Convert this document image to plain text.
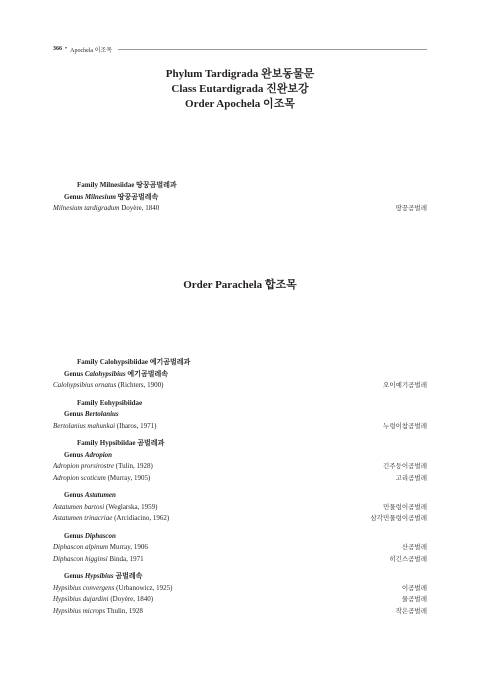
366 • Apochela 이조목
Phylum Tardigrada 완보동물문
Class Eutardigrada 진완보강
Order Apochela 이조목
Family Milnesiidae 땅꿍곰벌레과
Genus Milnesium 땅꿍곰벌레속
Milnesium tardigradum Doyère, 1840	땅꿍곰벌레
Order Parachela 합조목
Family Calohypsibiidae 예기곰벌레과
Genus Calohypsibius 예기곰벌레속
Calohypsibius ornatus (Richters, 1900)	오이예기곰벌레
Family Eohypsibiidae
Genus Bertolanius
Bertolanius mahunkai (Iharos, 1971)	누렁이참곰벌레
Family Hypsibiidae 곰벌레과
Genus Adropion
Adropion prorsirostre (Tulin, 1928)	긴주둥이곰벌레
Adropion scoticum (Murray, 1905)	고리곰벌레
Genus Astatumen
Astatumen bartosi (Weglarska, 1959)	민물렁이곰벌레
Astatumen trinacriae (Arcidiacino, 1962)	삼각민물렁이곰벌레
Genus Diphascon
Diphascon alpinum Murray, 1906	산곰벌레
Diphascon higginsi Binda, 1971	히긴스곰벌레
Genus Hypsibius 곰벌레속
Hypsibius convergens (Urbanowicz, 1925)	이곰벌레
Hypsibius dujardini (Doyère, 1840)	물곰벌레
Hypsibius microps Thulin, 1928	작은곰벌레
